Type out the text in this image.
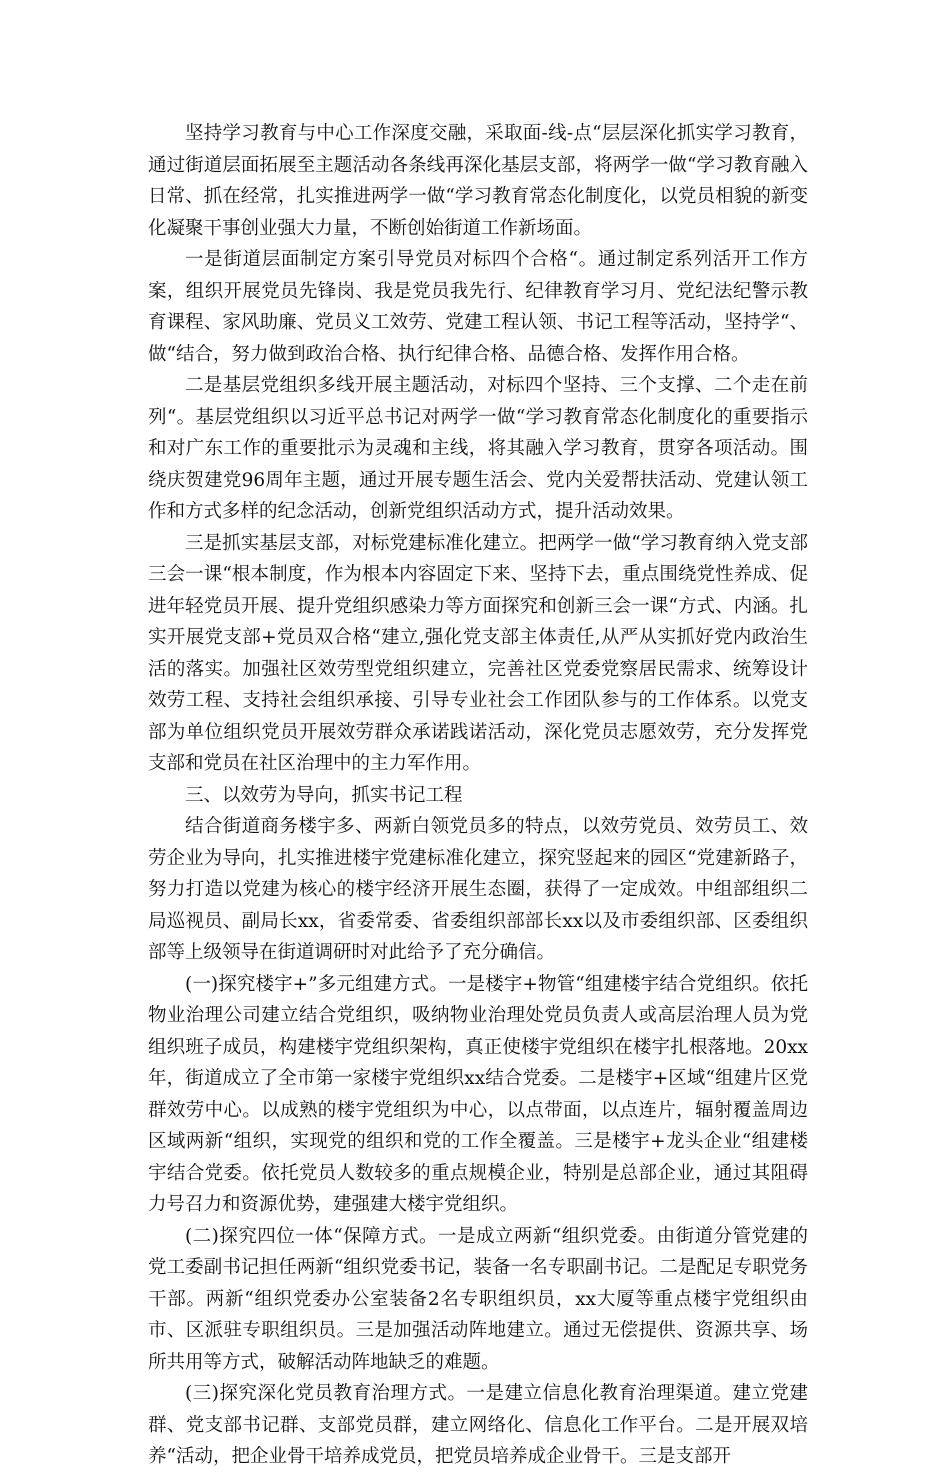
坚持学习教育与中心工作深度交融，采取面-线-点“层层深化抓实学习教育，通过街道层面拓展至主题活动各条线再深化基层支部，将两学一做“学习教育融入日常、抓在经常，扎实推进两学一做“学习教育常态化制度化，以党员相貌的新变化凝聚干事创业强大力量，不断创始街道工作新场面。

一是街道层面制定方案引导党员对标四个合格“。通过制定系列活开工作方案，组织开展党员先锋岗、我是党员我先行、纪律教育学习月、党纪法纪警示教育课程、家风助廉、党员义工效劳、党建工程认领、书记工程等活动，坚持学“、做“结合，努力做到政治合格、执行纪律合格、品德合格、发挥作用合格。

二是基层党组织多线开展主题活动，对标四个坚持、三个支撑、二个走在前列“。基层党组织以习近平总书记对两学一做“学习教育常态化制度化的重要指示和对广东工作的重要批示为灵魂和主线，将其融入学习教育，贯穿各项活动。围绕庆贺建党96周年主题，通过开展专题生活会、党内关爱帮扶活动、党建认领工作和方式多样的纪念活动，创新党组织活动方式，提升活动效果。

三是抓实基层支部，对标党建标准化建立。把两学一做“学习教育纳入党支部三会一课“根本制度，作为根本内容固定下来、坚持下去，重点围绕党性养成、促进年轻党员开展、提升党组织感染力等方面探究和创新三会一课“方式、内涵。扎实开展党支部+党员双合格“建立,强化党支部主体责任,从严从实抓好党内政治生活的落实。加强社区效劳型党组织建立，完善社区党委党察居民需求、统筹设计效劳工程、支持社会组织承接、引导专业社会工作团队参与的工作体系。以党支部为单位组织党员开展效劳群众承诺践诺活动，深化党员志愿效劳，充分发挥党支部和党员在社区治理中的主力军作用。

三、以效劳为导向，抓实书记工程

结合街道商务楼宇多、两新白领党员多的特点，以效劳党员、效劳员工、效劳企业为导向，扎实推进楼宇党建标准化建立，探究竖起来的园区“党建新路子，努力打造以党建为核心的楼宇经济开展生态圈，获得了一定成效。中组部组织二局巡视员、副局长xx，省委常委、省委组织部部长xx以及市委组织部、区委组织部等上级领导在街道调研时对此给予了充分确信。

(一)探究楼宇+”多元组建方式。一是楼宇+物管“组建楼宇结合党组织。依托物业治理公司建立结合党组织，吸纳物业治理处党员负责人或高层治理人员为党组织班子成员，构建楼宇党组织架构，真正使楼宇党组织在楼宇扎根落地。20xx年，街道成立了全市第一家楼宇党组织xx结合党委。二是楼宇+区域“组建片区党群效劳中心。以成熟的楼宇党组织为中心，以点带面，以点连片，辐射覆盖周边区域两新“组织，实现党的组织和党的工作全覆盖。三是楼宇+龙头企业“组建楼宇结合党委。依托党员人数较多的重点规模企业，特别是总部企业，通过其阻碍力号召力和资源优势，建强建大楼宇党组织。

(二)探究四位一体“保障方式。一是成立两新“组织党委。由街道分管党建的党工委副书记担任两新“组织党委书记，装备一名专职副书记。二是配足专职党务干部。两新“组织党委办公室装备2名专职组织员，xx大厦等重点楼宇党组织由市、区派驻专职组织员。三是加强活动阵地建立。通过无偿提供、资源共享、场所共用等方式，破解活动阵地缺乏的难题。

(三)探究深化党员教育治理方式。一是建立信息化教育治理渠道。建立党建群、党支部书记群、支部党员群，建立网络化、信息化工作平台。二是开展双培养“活动，把企业骨干培养成党员，把党员培养成企业骨干。三是支部开
